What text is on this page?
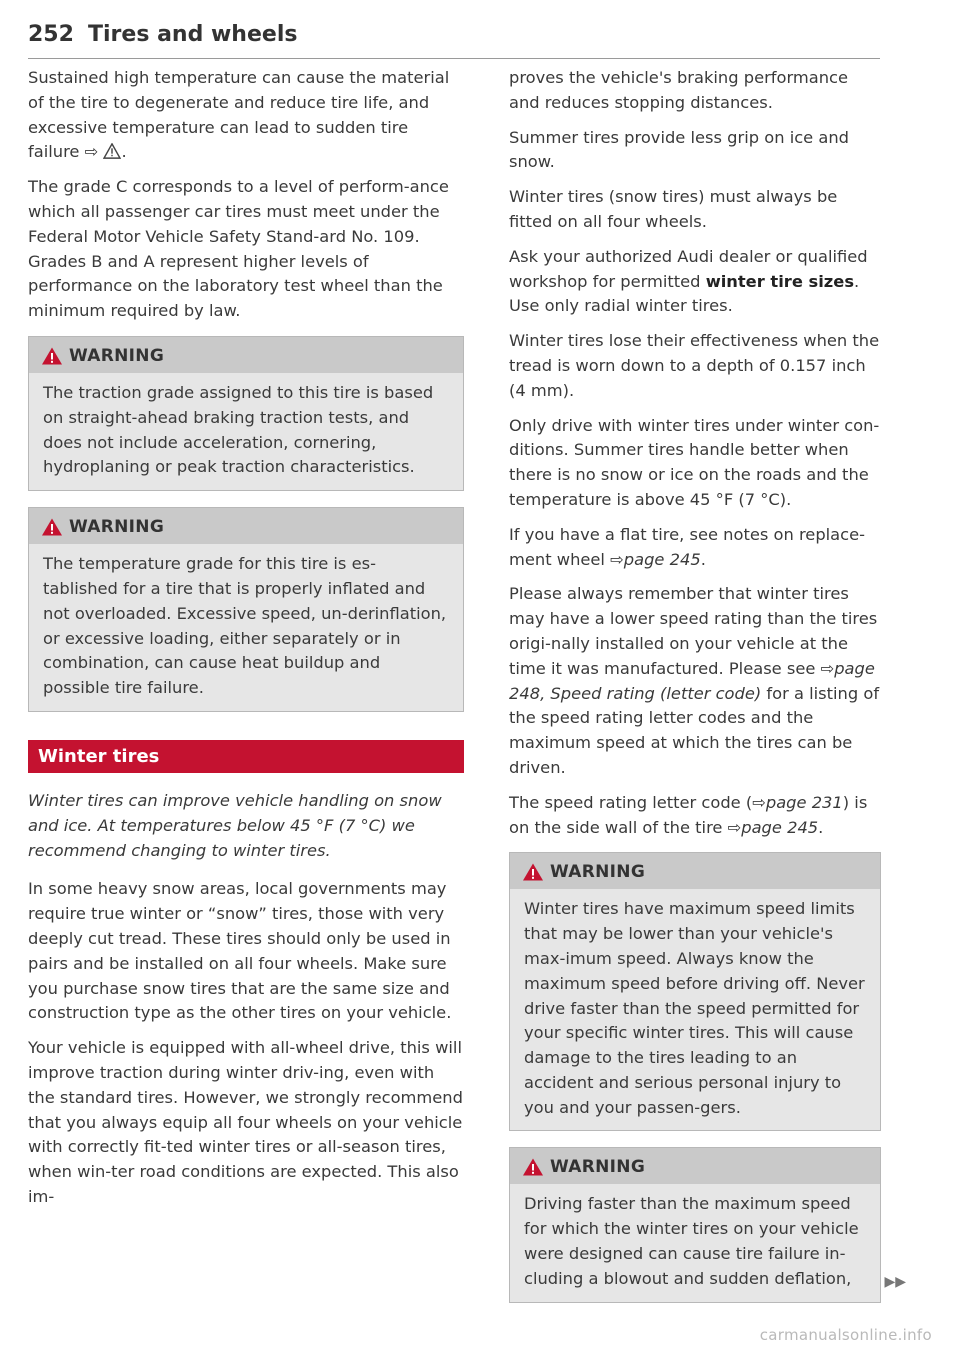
252 Tires and wheels

Sustained high temperature can cause the material of the tire to degenerate and reduce tire life, and excessive temperature can lead to sudden tire failure ⇨ .

The grade C corresponds to a level of perform-ance which all passenger car tires must meet under the Federal Motor Vehicle Safety Stand-ard No. 109. Grades B and A represent higher levels of performance on the laboratory test wheel than the minimum required by law.

WARNING
The traction grade assigned to this tire is based on straight-ahead braking traction tests, and does not include acceleration, cornering, hydroplaning or peak traction characteristics.
WARNING
The temperature grade for this tire is es-tablished for a tire that is properly inflated and not overloaded. Excessive speed, un-derinflation, or excessive loading, either separately or in combination, can cause heat buildup and possible tire failure.
Winter tires

Winter tires can improve vehicle handling on snow and ice. At temperatures below 45 °F (7 °C) we recommend changing to winter tires.

In some heavy snow areas, local governments may require true winter or “snow” tires, those with very deeply cut tread. These tires should only be used in pairs and be installed on all four wheels. Make sure you purchase snow tires that are the same size and construction type as the other tires on your vehicle.

Your vehicle is equipped with all-wheel drive, this will improve traction during winter driv-ing, even with the standard tires. However, we strongly recommend that you always equip all four wheels on your vehicle with correctly fit-ted winter tires or all-season tires, when win-ter road conditions are expected. This also im-

proves the vehicle's braking performance and reduces stopping distances.

Summer tires provide less grip on ice and snow.

Winter tires (snow tires) must always be fitted on all four wheels.

Ask your authorized Audi dealer or qualified workshop for permitted winter tire sizes. Use only radial winter tires.

Winter tires lose their effectiveness when the tread is worn down to a depth of 0.157 inch (4 mm).

Only drive with winter tires under winter con-ditions. Summer tires handle better when there is no snow or ice on the roads and the temperature is above 45 °F (7 °C).

If you have a flat tire, see notes on replace-ment wheel ⇨page 245.

Please always remember that winter tires may have a lower speed rating than the tires origi-nally installed on your vehicle at the time it was manufactured. Please see ⇨page 248, Speed rating (letter code) for a listing of the speed rating letter codes and the maximum speed at which the tires can be driven.

The speed rating letter code (⇨page 231) is on the side wall of the tire ⇨page 245.

WARNING
Winter tires have maximum speed limits that may be lower than your vehicle's max-imum speed. Always know the maximum speed before driving off. Never drive faster than the speed permitted for your specific winter tires. This will cause damage to the tires leading to an accident and serious personal injury to you and your passen-gers.
WARNING
Driving faster than the maximum speed for which the winter tires on your vehicle were designed can cause tire failure in-cluding a blowout and sudden deflation,	▶▶
carmanualsonline.info
